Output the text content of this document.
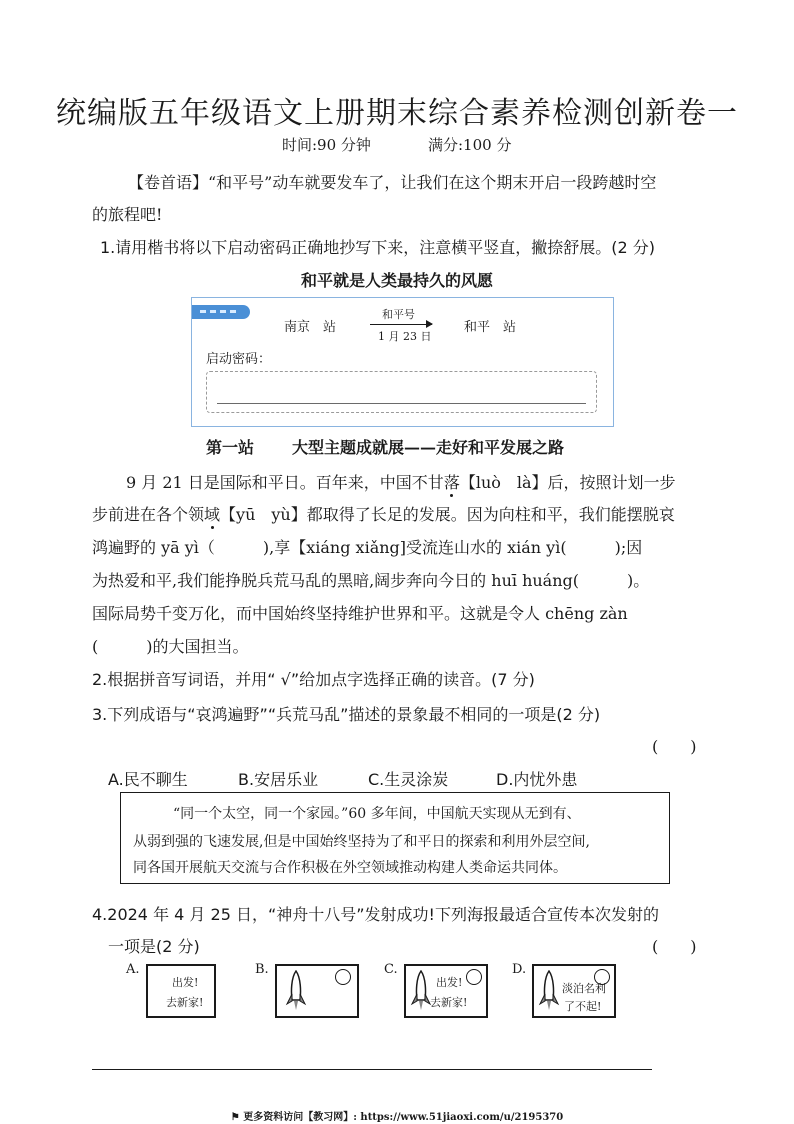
统编版五年级语文上册期末综合素养检测创新卷一
时间:90 分钟	满分:100 分
【卷首语】“和平号”动车就要发车了，让我们在这个期末开启一段跨越时空
的旅程吧!
1.请用楷书将以下启动密码正确地抄写下来，注意横平竖直，撇捺舒展。(2 分)
和平就是人类最持久的风愿
南京　站
和平号
1 月 23 日
和平　站
启动密码：
第一站 大型主题成就展——走好和平发展之路
9 月 21 日是国际和平日。百年来，中国不甘落【luò　là】后，按照计划一步
步前进在各个领域【yū　yù】都取得了长足的发展。因为向柱和平，我们能摆脱哀
鸿遍野的 yā yì（　　　),享【xiáng xiǎng]受流连山水的 xián yì(　　　);因
为热爱和平,我们能挣脱兵荒马乱的黑暗,阔步奔向今日的 huī huáng(　　　)。
国际局势千变万化，而中国始终坚持维护世界和平。这就是令人 chēng zàn
(　　　)的大国担当。
2.根据拼音写词语，并用“ √”给加点字选择正确的读音。(7 分)
3.下列成语与“哀鸿遍野”“兵荒马乱”描述的景象最不相同的一项是(2 分)
(　　)
A.民不聊生	B.安居乐业	C.生灵涂炭	D.内忧外患
“同一个太空，同一个家园。”60 多年间，中国航天实现从无到有、
从弱到强的飞速发展,但是中国始终坚持为了和平日的探索和利用外层空间,
同各国开展航天交流与合作积极在外空领域推动构建人类命运共同体。
4.2024 年 4 月 25 日，“神舟十八号”发射成功!下列海报最适合宣传本次发射的
一项是(2 分)	(　　)
A.
出发!
去新家!
B.	C.
出发!
去新家!
D.
淡泊名利
了不起!
⚑ 更多资料访问【教习网】: https://www.51jiaoxi.com/u/2195370
